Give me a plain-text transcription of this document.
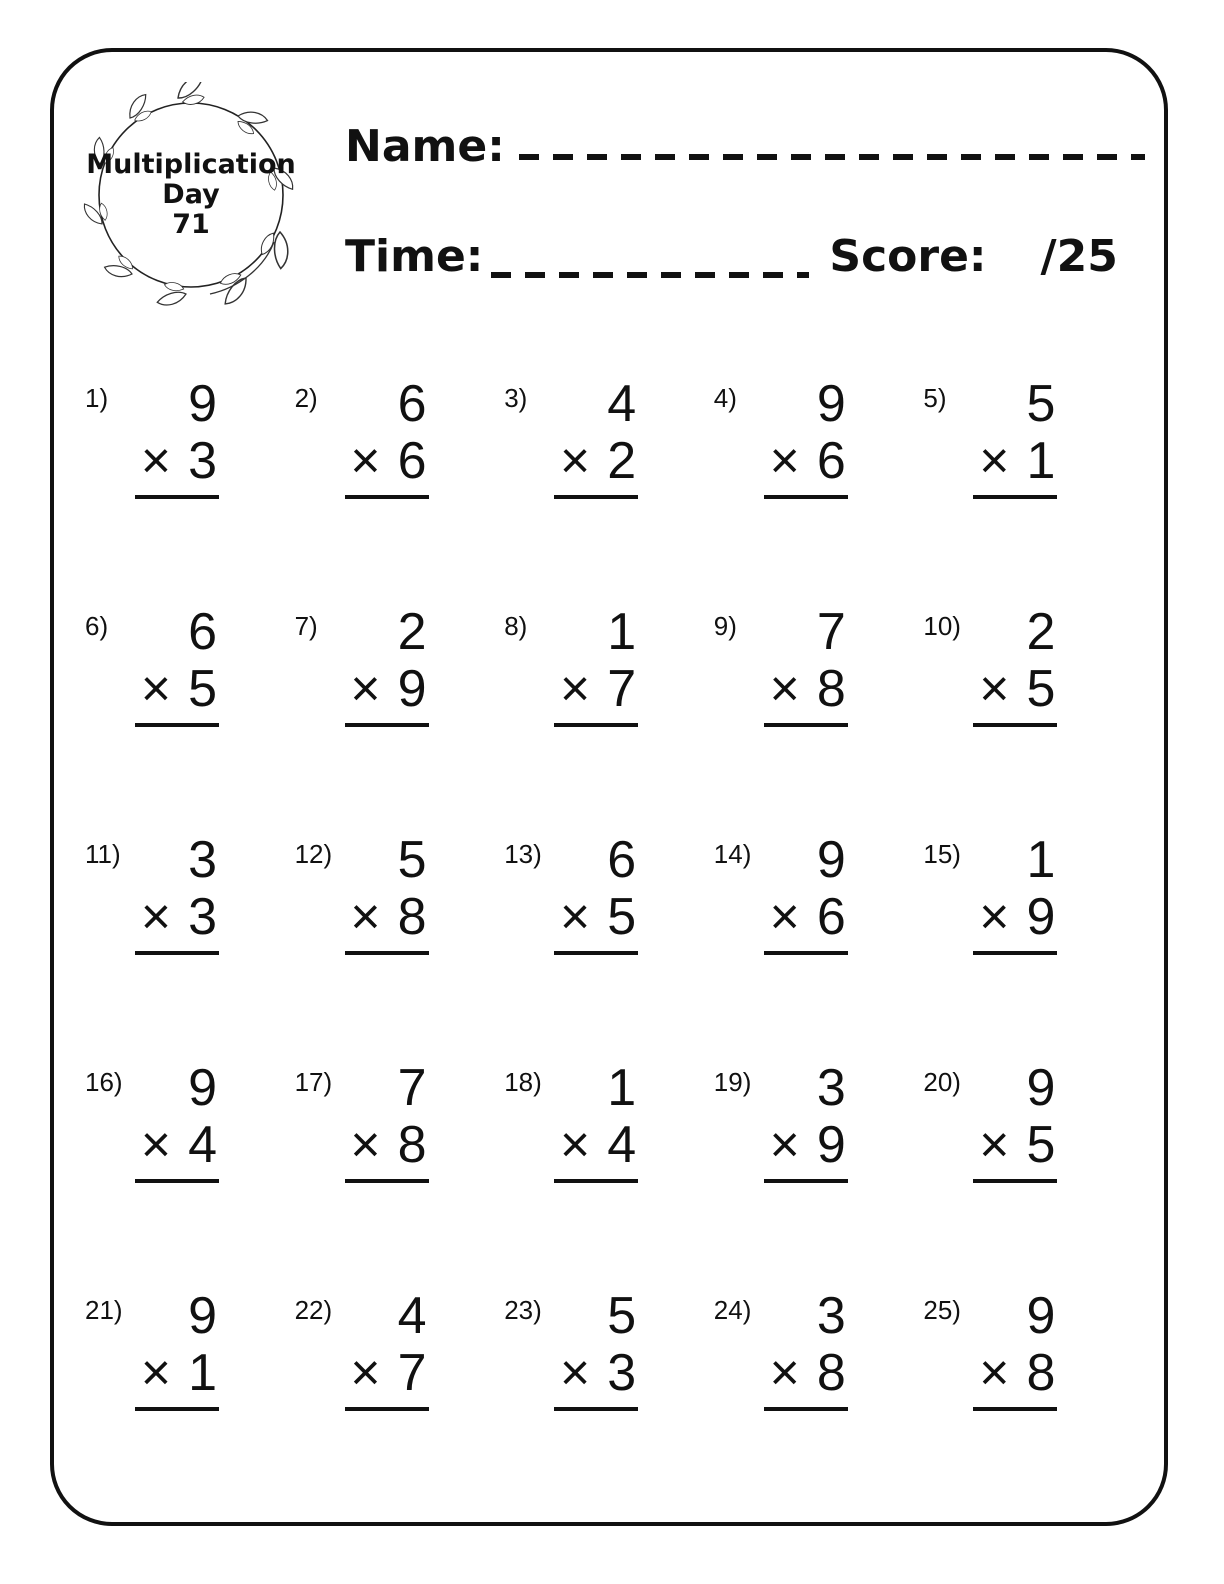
Multiplication
Day
71
Name:
Time:	Score: /25
1)	9
× 3
2)	6
× 6
3)	4
× 2
4)	9
× 6
5)	5
× 1
6)	6
× 5
7)	2
× 9
8)	1
× 7
9)	7
× 8
10)	2
× 5
11)	3
× 3
12)	5
× 8
13)	6
× 5
14)	9
× 6
15)	1
× 9
16)	9
× 4
17)	7
× 8
18)	1
× 4
19)	3
× 9
20)	9
× 5
21)	9
× 1
22)	4
× 7
23)	5
× 3
24)	3
× 8
25)	9
× 8
